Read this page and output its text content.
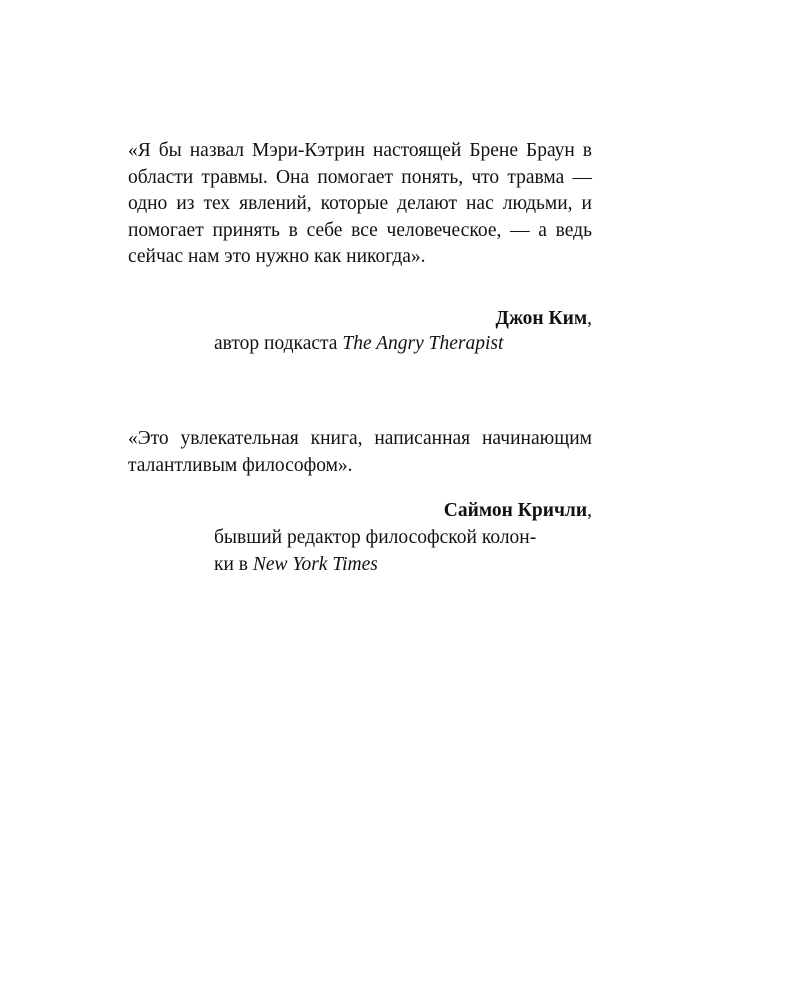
«Я бы назвал Мэри-Кэтрин настоящей Брене Браун в области травмы. Она помогает понять, что травма — одно из тех явлений, которые делают нас людьми, и помогает принять в себе все человеческое, — а ведь сейчас нам это нужно как никогда».

Джон Ким,
автор подкаста The Angry Therapist

«Это увлекательная книга, написанная начинающим талантливым философом».

Саймон Кричли,
бывший редактор философской колон-
ки в New York Times
